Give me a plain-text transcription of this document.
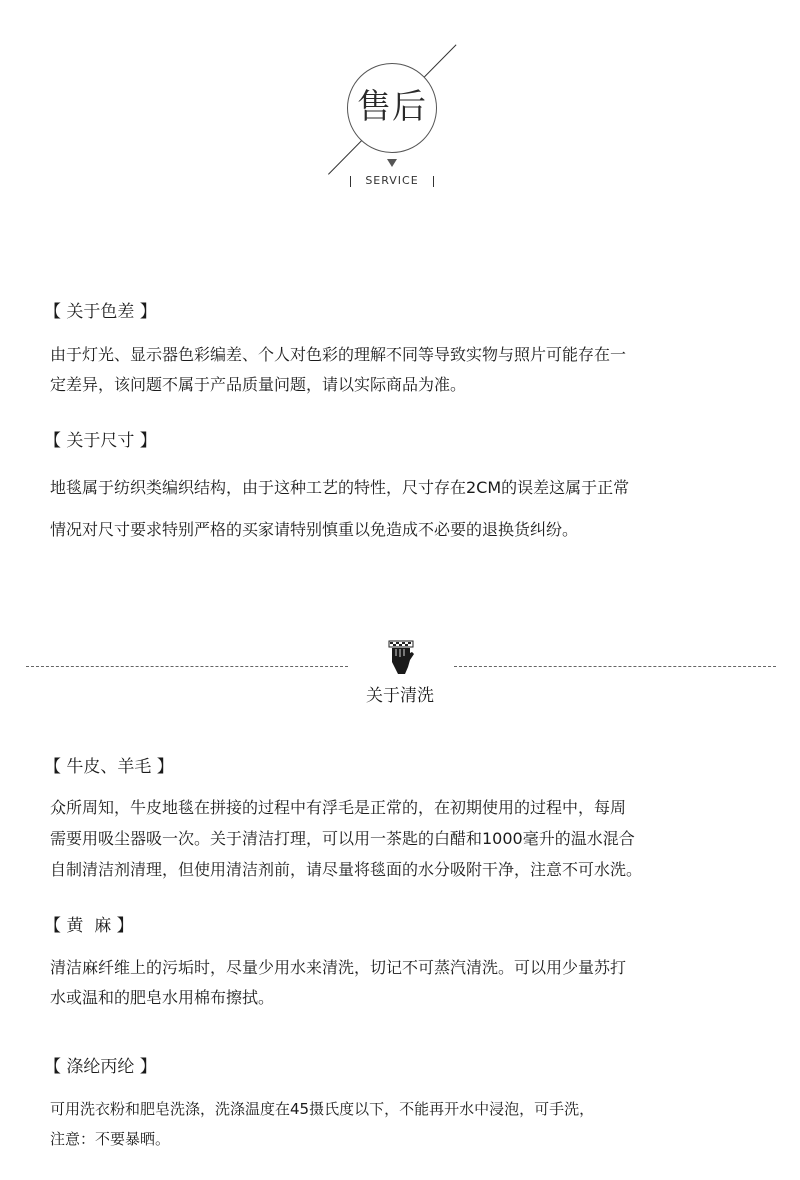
售后
SERVICE
【 关于色差 】
由于灯光、显示器色彩编差、个人对色彩的理解不同等导致实物与照片可能存在一
定差异，该问题不属于产品质量问题，请以实际商品为准。
【 关于尺寸 】
地毯属于纺织类编织结构，由于这种工艺的特性，尺寸存在2CM的误差这属于正常
情况对尺寸要求特别严格的买家请特别慎重以免造成不必要的退换货纠纷。
关于清洗
【 牛皮、羊毛 】
众所周知，牛皮地毯在拼接的过程中有浮毛是正常的，在初期使用的过程中，每周
需要用吸尘器吸一次。关于清洁打理，可以用一茶匙的白醋和1000毫升的温水混合
自制清洁剂清理，但使用清洁剂前，请尽量将毯面的水分吸附干净，注意不可水洗。
【 黄  麻 】
清洁麻纤维上的污垢时，尽量少用水来清洗，切记不可蒸汽清洗。可以用少量苏打
水或温和的肥皂水用棉布擦拭。
【 涤纶丙纶 】
可用洗衣粉和肥皂洗涤，洗涤温度在45摄氏度以下，不能再开水中浸泡，可手洗，
注意：不要暴晒。
